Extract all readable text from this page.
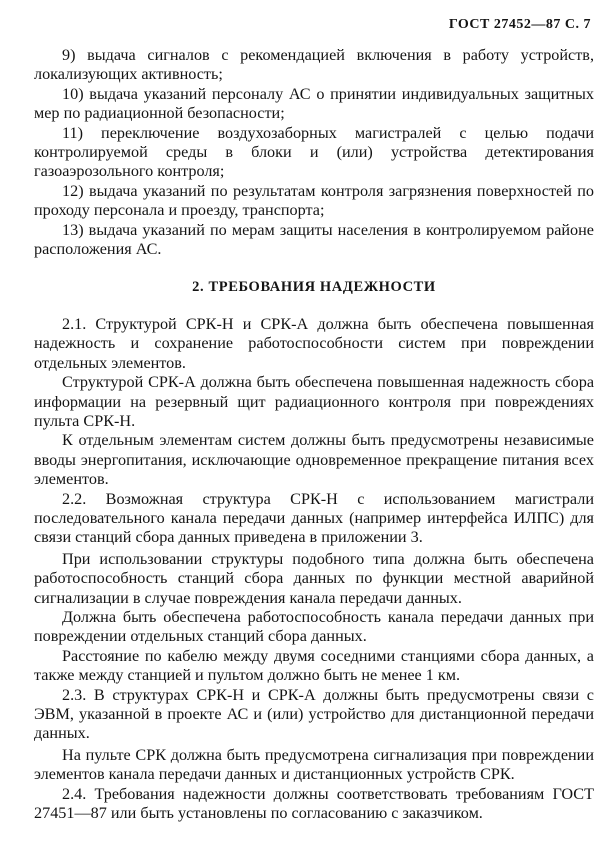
ГОСТ 27452—87 С. 7

9) выдача сигналов с рекомендацией включения в работу устройств, локализующих активность;

10) выдача указаний персоналу АС о принятии индивидуальных защитных мер по радиационной безопасности;

11) переключение воздухозаборных магистралей с целью подачи контролируемой среды в блоки и (или) устройства детектирования газоаэрозольного контроля;

12) выдача указаний по результатам контроля загрязнения поверхностей по проходу персонала и проезду, транспорта;

13) выдача указаний по мерам защиты населения в контролируемом районе расположения АС.

2. ТРЕБОВАНИЯ НАДЕЖНОСТИ

2.1. Структурой СРК-Н и СРК-А должна быть обеспечена повышенная надежность и сохранение работоспособности систем при повреждении отдельных элементов.

Структурой СРК-А должна быть обеспечена повышенная надежность сбора информации на резервный щит радиационного контроля при повреждениях пульта СРК-Н.

К отдельным элементам систем должны быть предусмотрены независимые вводы энергопитания, исключающие одновременное прекращение питания всех элементов.

2.2. Возможная структура СРК-Н с использованием магистрали последовательного канала передачи данных (например интерфейса ИЛПС) для связи станций сбора данных приведена в приложении 3.

При использовании структуры подобного типа должна быть обеспечена работоспособность станций сбора данных по функции местной аварийной сигнализации в случае повреждения канала передачи данных.

Должна быть обеспечена работоспособность канала передачи данных при повреждении отдельных станций сбора данных.

Расстояние по кабелю между двумя соседними станциями сбора данных, а также между станцией и пультом должно быть не менее 1 км.

2.3. В структурах СРК-Н и СРК-А должны быть предусмотрены связи с ЭВМ, указанной в проекте АС и (или) устройство для дистанционной передачи данных.

На пульте СРК должна быть предусмотрена сигнализация при повреждении элементов канала передачи данных и дистанционных устройств СРК.

2.4. Требования надежности должны соответствовать требованиям ГОСТ 27451—87 или быть установлены по согласованию с заказчиком.
